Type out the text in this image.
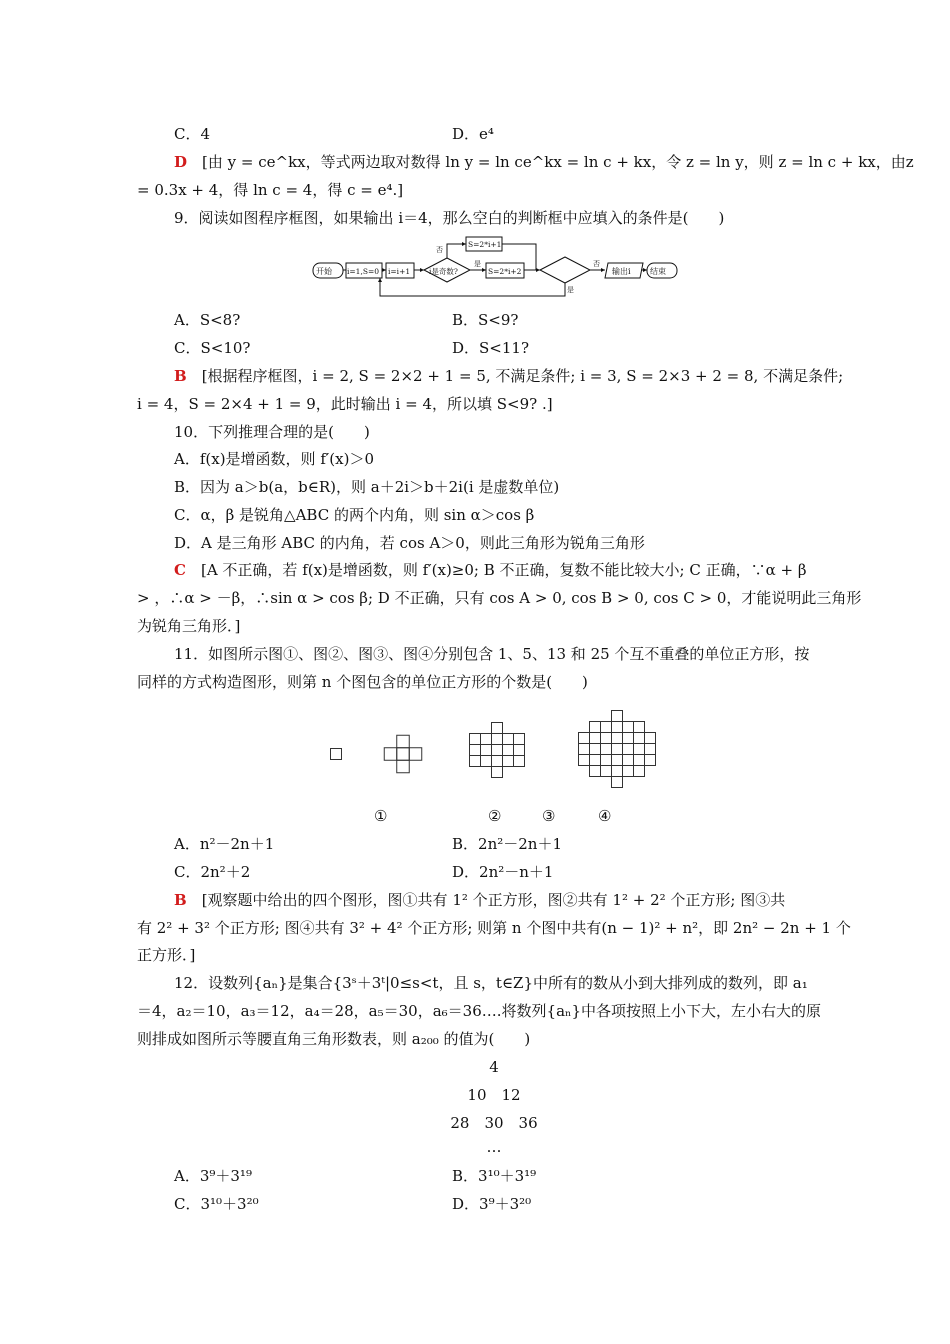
C．4	D．e⁴
D　 [由 y = ce^kx，等式两边取对数得 ln y = ln ce^kx = ln c + kx，令 z = ln y，则 z = ln c + kx，由z
= 0.3x + 4，得 ln c = 4，得 c = e⁴.]
9．阅读如图程序框图，如果输出 i＝4，那么空白的判断框中应填入的条件是(　　)
开始 i=1,S=0 i=i+1	i是奇数?
是
否
S=2*i+1
S=2*i+2
否
是
输出i 结束
A．S<8?	B．S<9?
C．S<10?	D．S<11?
B　 [根据程序框图，i = 2, S = 2×2 + 1 = 5, 不满足条件; i = 3, S = 2×3 + 2 = 8, 不满足条件;
i = 4，S = 2×4 + 1 = 9，此时输出 i = 4，所以填 S<9? .]
10．下列推理合理的是(　　)
A．f(x)是增函数，则 f′(x)＞0
B．因为 a＞b(a，b∈R)，则 a＋2i＞b＋2i(i 是虚数单位)
C．α，β 是锐角△ABC 的两个内角，则 sin α＞cos β
D．A 是三角形 ABC 的内角，若 cos A＞0，则此三角形为锐角三角形
C　 [A 不正确，若 f(x)是增函数，则 f′(x)≥0; B 不正确，复数不能比较大小; C 正确，∵α + β
> ，∴α > －β，∴sin α > cos β; D 不正确，只有 cos A > 0, cos B > 0, cos C > 0，才能说明此三角形
为锐角三角形．]
11．如图所示图①、图②、图③、图④分别包含 1、5、13 和 25 个互不重叠的单位正方形，按
同样的方式构造图形，则第 n 个图包含的单位正方形的个数是(　　)
①	②	③	④
A．n²－2n＋1	B．2n²－2n＋1
C．2n²＋2	D．2n²－n＋1
B　 [观察题中给出的四个图形，图①共有 1² 个正方形，图②共有 1² + 2² 个正方形; 图③共
有 2² + 3² 个正方形; 图④共有 3² + 4² 个正方形; 则第 n 个图中共有(n − 1)² + n²，即 2n² − 2n + 1 个
正方形．]
12．设数列{aₙ}是集合{3ˢ＋3ᵗ|0≤s<t，且 s，t∈Z}中所有的数从小到大排列成的数列，即 a₁
＝4，a₂＝10，a₃＝12，a₄＝28，a₅＝30，a₆＝36….将数列{aₙ}中各项按照上小下大，左小右大的原
则排成如图所示等腰直角三角形数表，则 a₂₀₀ 的值为(　　)
4
10　12
28　30　36
…
A．3⁹＋3¹⁹	B．3¹⁰＋3¹⁹
C．3¹⁰＋3²⁰	D．3⁹＋3²⁰
